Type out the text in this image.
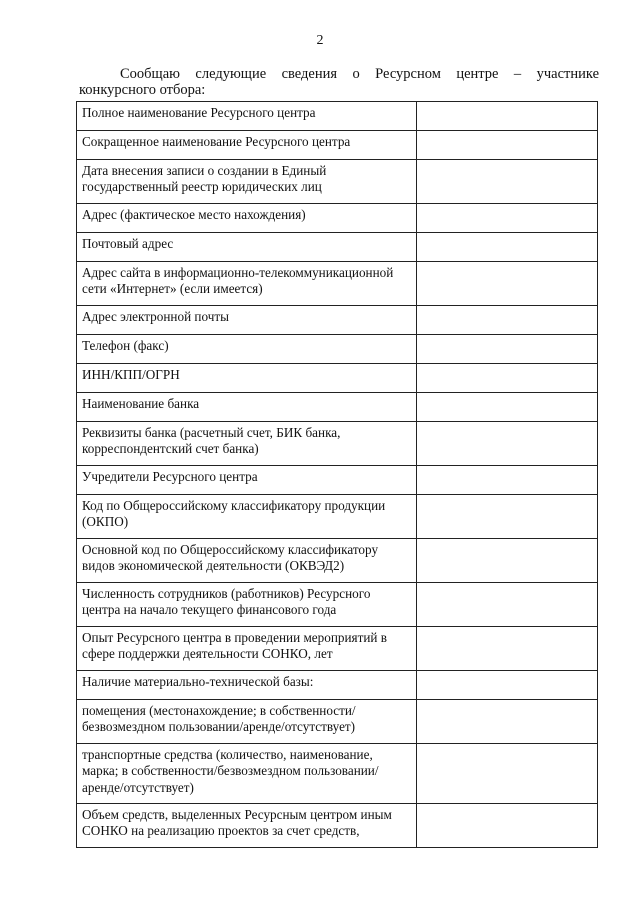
2
Сообщаю следующие сведения о Ресурсном центре – участнике
конкурсного отбора:
Полное наименование Ресурсного центра	
Сокращенное наименование Ресурсного центра	
Дата внесения записи о создании в Единый государственный реестр юридических лиц	
Адрес (фактическое место нахождения)	
Почтовый адрес	
Адрес сайта в информационно-телекоммуникационной сети «Интернет» (если имеется)	
Адрес электронной почты	
Телефон (факс)	
ИНН/КПП/ОГРН	
Наименование банка	
Реквизиты банка (расчетный счет, БИК банка, корреспондентский счет банка)	
Учредители Ресурсного центра	
Код по Общероссийскому классификатору продукции (ОКПО)	
Основной код по Общероссийскому классификатору видов экономической деятельности (ОКВЭД2)	
Численность сотрудников (работников) Ресурсного центра на начало текущего финансового года	
Опыт Ресурсного центра в проведении мероприятий в сфере поддержки деятельности СОНКО, лет	
Наличие материально-технической базы:	
помещения (местонахождение; в собственности/ безвозмездном пользовании/аренде/отсутствует)	
транспортные средства (количество, наименование, марка; в собственности/безвозмездном пользовании/ аренде/отсутствует)	
Объем средств, выделенных Ресурсным центром иным СОНКО на реализацию проектов за счет средств,	
